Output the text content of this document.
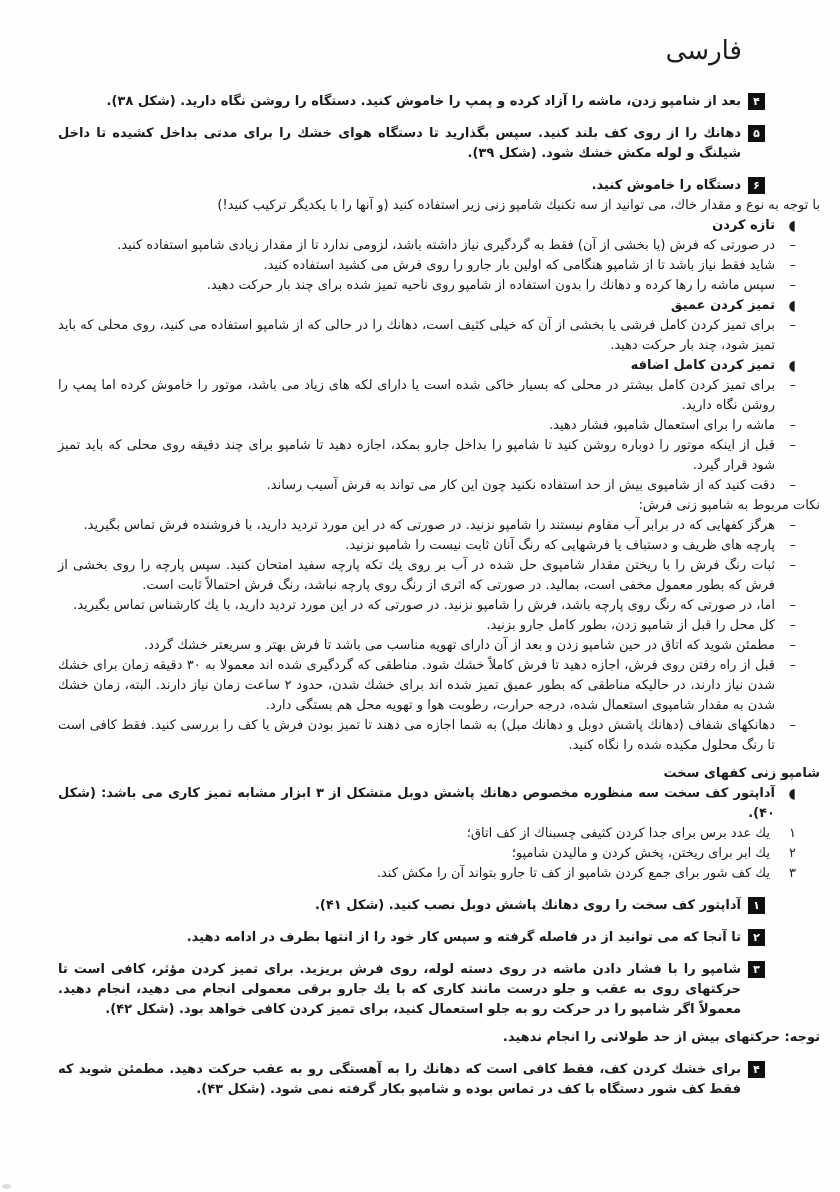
فارسی
۴
بعد از شامپو زدن، ماشه را آزاد كرده و پمپ را خاموش كنید. دستگاه را روشن نگاه دارید. (شكل ۳۸).
۵
دهانك را از روی كف بلند كنید. سپس بگذارید تا دستگاه هوای خشك را برای مدتی بداخل كشیده تا داخل شیلنگ و لوله مكش خشك شود. (شكل ۳۹).
۶
دستگاه را خاموش كنید.
با توجه به نوع و مقدار خاك، می توانید از سه تكنیك شامپو زنی زیر استفاده كنید (و آنها را با یكدیگر تركیب كنید!)
◖
تازه كردن
–
در صورتی كه فرش (یا بخشی از آن) فقط به گردگیری نیاز داشته باشد، لزومی ندارد تا از مقدار زیادی شامپو استفاده كنید.
–
شاید فقط نیاز باشد تا از شامپو هنگامی كه اولین بار جارو را روی فرش می كشید استفاده كنید.
–
سپس ماشه را رها كرده و دهانك را بدون استفاده از شامپو روی ناحیه تمیز شده برای چند بار حركت دهید.
◖
تمیز كردن عمیق
–
برای تمیز كردن كامل فرشی یا بخشی از آن كه خیلی كثیف است، دهانك را در حالی كه از شامپو استفاده می كنید، روی محلی كه باید تمیز شود، چند بار حركت دهید.
◖
تمیز كردن كامل اضافه
–
برای تمیز كردن كامل بیشتر در محلی كه بسیار خاكی شده است یا دارای لكه های زیاد می باشد، موتور را خاموش كرده اما پمپ را روشن نگاه دارید.
–
ماشه را برای استعمال شامپو، فشار دهید.
–
قبل از اینكه موتور را دوباره روشن كنید تا شامپو را بداخل جارو بمكد، اجازه دهید تا شامپو برای چند دقیقه روی محلی كه باید تمیز شود قرار گیرد.
–
دقت كنید كه از شامپوی بیش از حد استفاده نكنید چون این كار می تواند به فرش آسیب رساند.
نكات مربوط به شامپو زنی فرش:
–
هرگز كفهایی كه در برابر آب مقاوم نیستند را شامپو نزنید. در صورتی كه در این مورد تردید دارید، با فروشنده فرش تماس بگیرید.
–
پارچه های ظریف و دستباف یا فرشهایی كه رنگ آنان ثابت نیست را شامپو نزنید.
–
ثبات رنگ فرش را با ریختن مقدار شامپوی حل شده در آب بر روی یك تكه پارچه سفید امتحان كنید. سپس پارچه را روی بخشی از فرش كه بطور معمول مخفی است، بمالید. در صورتی كه اثری از رنگ روی پارچه نباشد، رنگ فرش احتمالاً ثابت است.
–
اما، در صورتی كه رنگ روی پارچه باشد، فرش را شامپو نزنید. در صورتی كه در این مورد تردید دارید، با یك كارشناس تماس بگیرید.
–
كل محل را قبل از شامپو زدن، بطور كامل جارو بزنید.
–
مطمئن شوید كه اتاق در حین شامپو زدن و بعد از آن دارای تهویه مناسب می باشد تا فرش بهتر و سریعتر خشك گردد.
–
قبل از راه رفتن روی فرش، اجازه دهید تا فرش كاملاً خشك شود. مناطقی كه گردگیری شده اند معمولا به ۳۰ دقیقه زمان برای خشك شدن نیاز دارند، در حالیكه مناطقی كه بطور عمیق تمیز شده اند برای خشك شدن، حدود ۲ ساعت زمان نیاز دارند. البته، زمان خشك شدن به مقدار شامپوی استعمال شده، درجه حرارت، رطوبت هوا و تهویه محل هم بستگی دارد.
–
دهانكهای شفاف (دهانك پاشش دوبل و دهانك مبل) به شما اجازه می دهند تا تمیز بودن فرش یا كف را بررسی كنید. فقط كافی است تا رنگ محلول مكیده شده را نگاه كنید.
شامپو زنی كفهای سخت
◖
آداپتور كف سخت سه منظوره مخصوص دهانك پاشش دوبل متشكل از ۳ ابزار مشابه تمیز كاری می باشد: (شكل ۴۰).
۱
یك عدد برس برای جدا كردن كثیفی چسبناك از كف اتاق؛
۲
یك ابر برای ریختن، پخش كردن و مالیدن شامپو؛
۳
یك كف شور برای جمع كردن شامپو از كف تا جارو بتواند آن را مكش كند.
۱
آداپتور كف سخت را روی دهانك پاشش دوبل نصب كنید. (شكل ۴۱).
۲
تا آنجا كه می توانید از در فاصله گرفته و سپس كار خود را از انتها بطرف در ادامه دهید.
۳
شامپو را با فشار دادن ماشه در روی دسته لوله، روی فرش بریزید. برای تمیز كردن مؤثر، كافی است تا حركتهای روی به عقب و جلو درست مانند كاری كه با یك جارو برقی معمولی انجام می دهید، انجام دهید. معمولاً اگر شامپو را در حركت رو به جلو استعمال كنید، برای تمیز كردن كافی خواهد بود. (شكل ۴۲).
توجه: حركتهای بیش از حد طولانی را انجام ندهید.
۴
برای خشك كردن كف، فقط كافی است كه دهانك را به آهستگی رو به عقب حركت دهید. مطمئن شوید كه فقط كف شور دستگاه با كف در تماس بوده و شامپو بكار گرفته نمی شود. (شكل ۴۳).
